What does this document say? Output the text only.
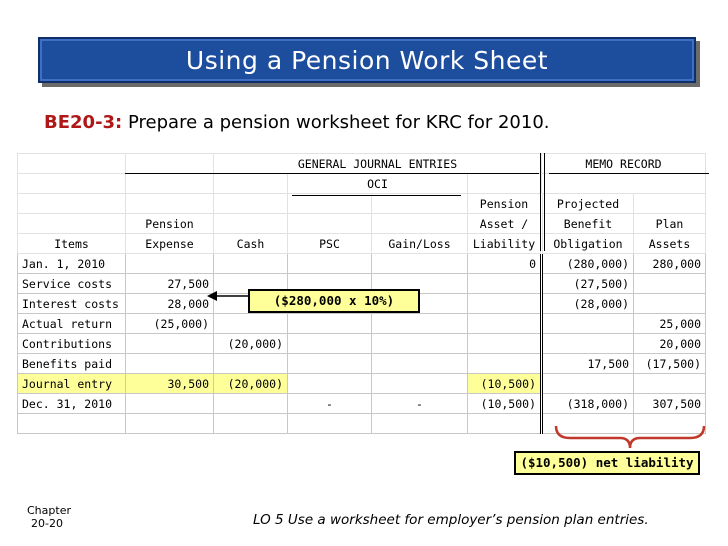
Using a Pension Work Sheet
BE20-3: Prepare a pension worksheet for KRC for 2010.
		GENERAL JOURNAL ENTRIES				MEMO RECORD	
			OCI				
					Pension	Projected	
	Pension				Asset /	Benefit	Plan
Items	Expense	Cash	PSC	Gain/Loss	Liability	Obligation	Assets
Jan. 1, 2010					0	(280,000)	280,000
Service costs	27,500					(27,500)	
Interest costs	28,000					(28,000)	
Actual return	(25,000)						25,000
Contributions		(20,000)					20,000
Benefits paid						17,500	(17,500)
Journal entry	30,500	(20,000)			(10,500)		
Dec. 31, 2010			-	-	(10,500)	(318,000)	307,500

($280,000 x 10%)
($10,500) net liability
Chapter
20-20	LO 5 Use a worksheet for employer’s pension plan entries.
